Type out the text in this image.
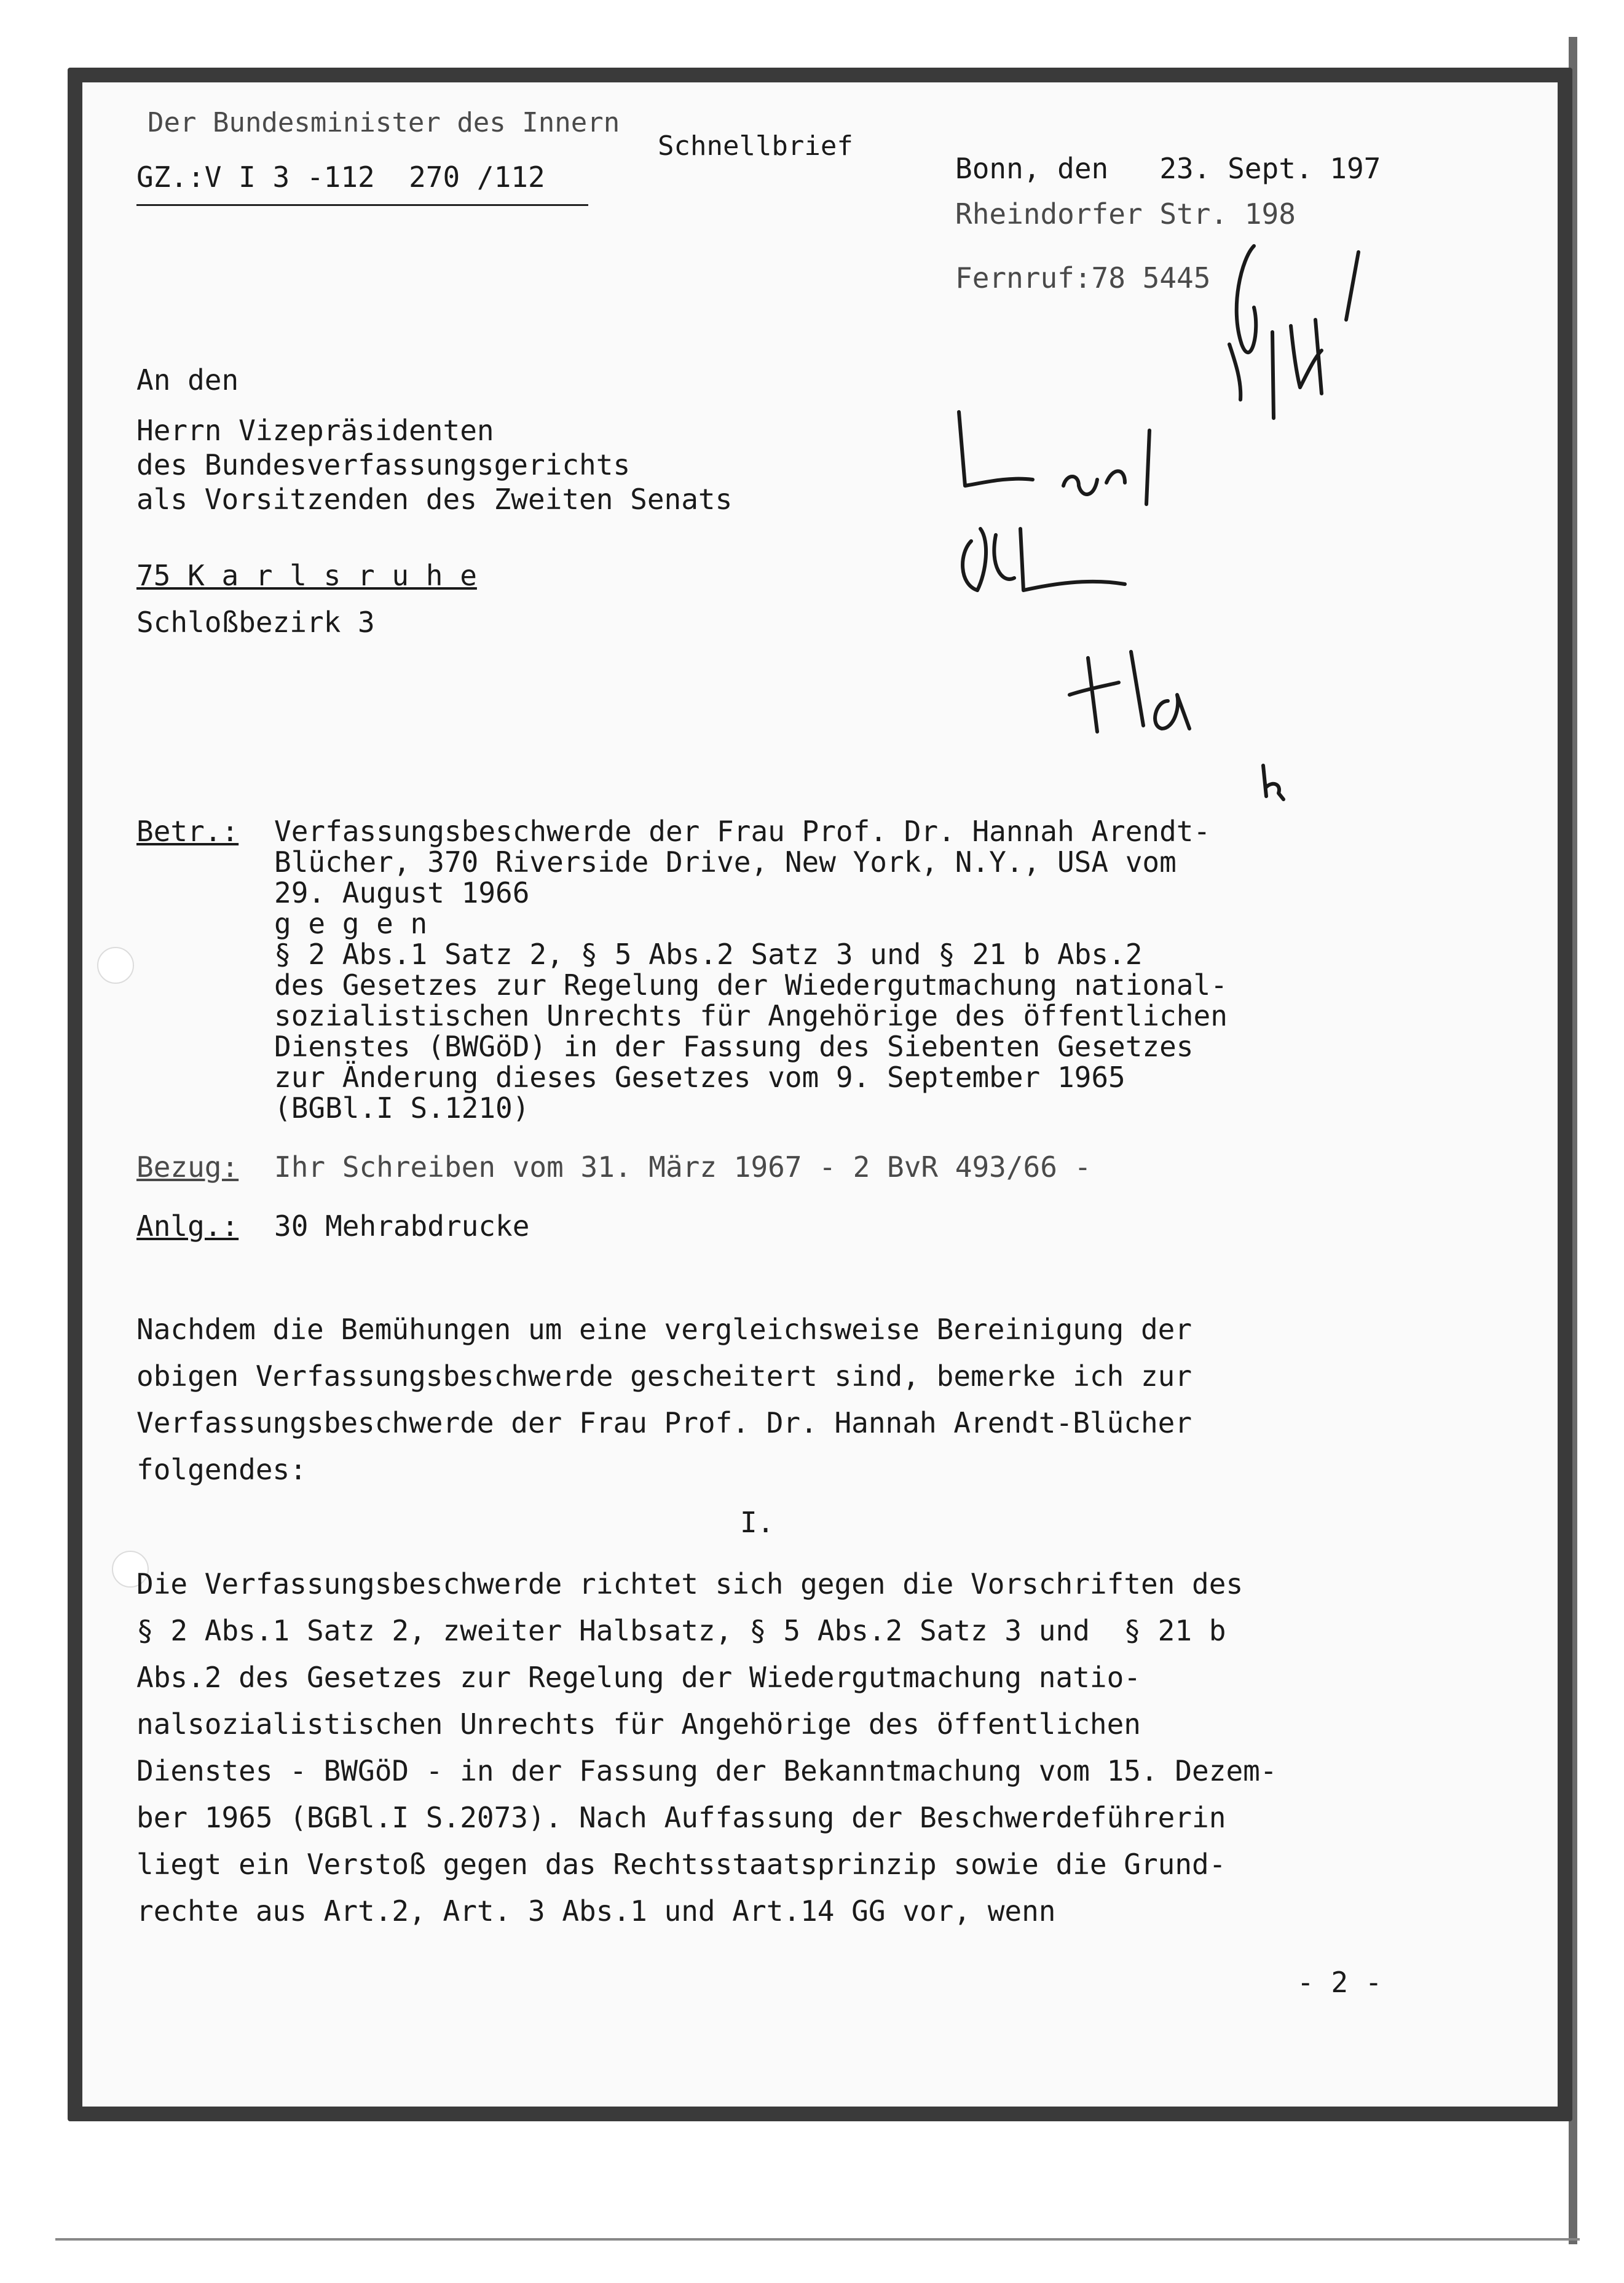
Der Bundesminister des Innern
Schnellbrief
GZ.:V I 3 -112  270 /112	Bonn, den   23. Sept. 197
Rheindorfer Str. 198
Fernruf:78 5445
An den
Herrn Vizepräsidenten
des Bundesverfassungsgerichts
als Vorsitzenden des Zweiten Senats
75 K a r l s r u h e
Schloßbezirk 3
Betr.: Verfassungsbeschwerde der Frau Prof. Dr. Hannah Arendt-
Blücher, 370 Riverside Drive, New York, N.Y., USA vom
29. August 1966
g e g e n
§ 2 Abs.1 Satz 2, § 5 Abs.2 Satz 3 und § 21 b Abs.2
des Gesetzes zur Regelung der Wiedergutmachung national-
sozialistischen Unrechts für Angehörige des öffentlichen
Dienstes (BWGöD) in der Fassung des Siebenten Gesetzes
zur Änderung dieses Gesetzes vom 9. September 1965
(BGBl.I S.1210)
Bezug: Ihr Schreiben vom 31. März 1967 - 2 BvR 493/66 -
Anlg.: 30 Mehrabdrucke
Nachdem die Bemühungen um eine vergleichsweise Bereinigung der
obigen Verfassungsbeschwerde gescheitert sind, bemerke ich zur
Verfassungsbeschwerde der Frau Prof. Dr. Hannah Arendt-Blücher
folgendes:
I.
Die Verfassungsbeschwerde richtet sich gegen die Vorschriften des
§ 2 Abs.1 Satz 2, zweiter Halbsatz, § 5 Abs.2 Satz 3 und  § 21 b
Abs.2 des Gesetzes zur Regelung der Wiedergutmachung natio-
nalsozialistischen Unrechts für Angehörige des öffentlichen
Dienstes - BWGöD - in der Fassung der Bekanntmachung vom 15. Dezem-
ber 1965 (BGBl.I S.2073). Nach Auffassung der Beschwerdeführerin
liegt ein Verstoß gegen das Rechtsstaatsprinzip sowie die Grund-
rechte aus Art.2, Art. 3 Abs.1 und Art.14 GG vor, wenn
- 2 -
